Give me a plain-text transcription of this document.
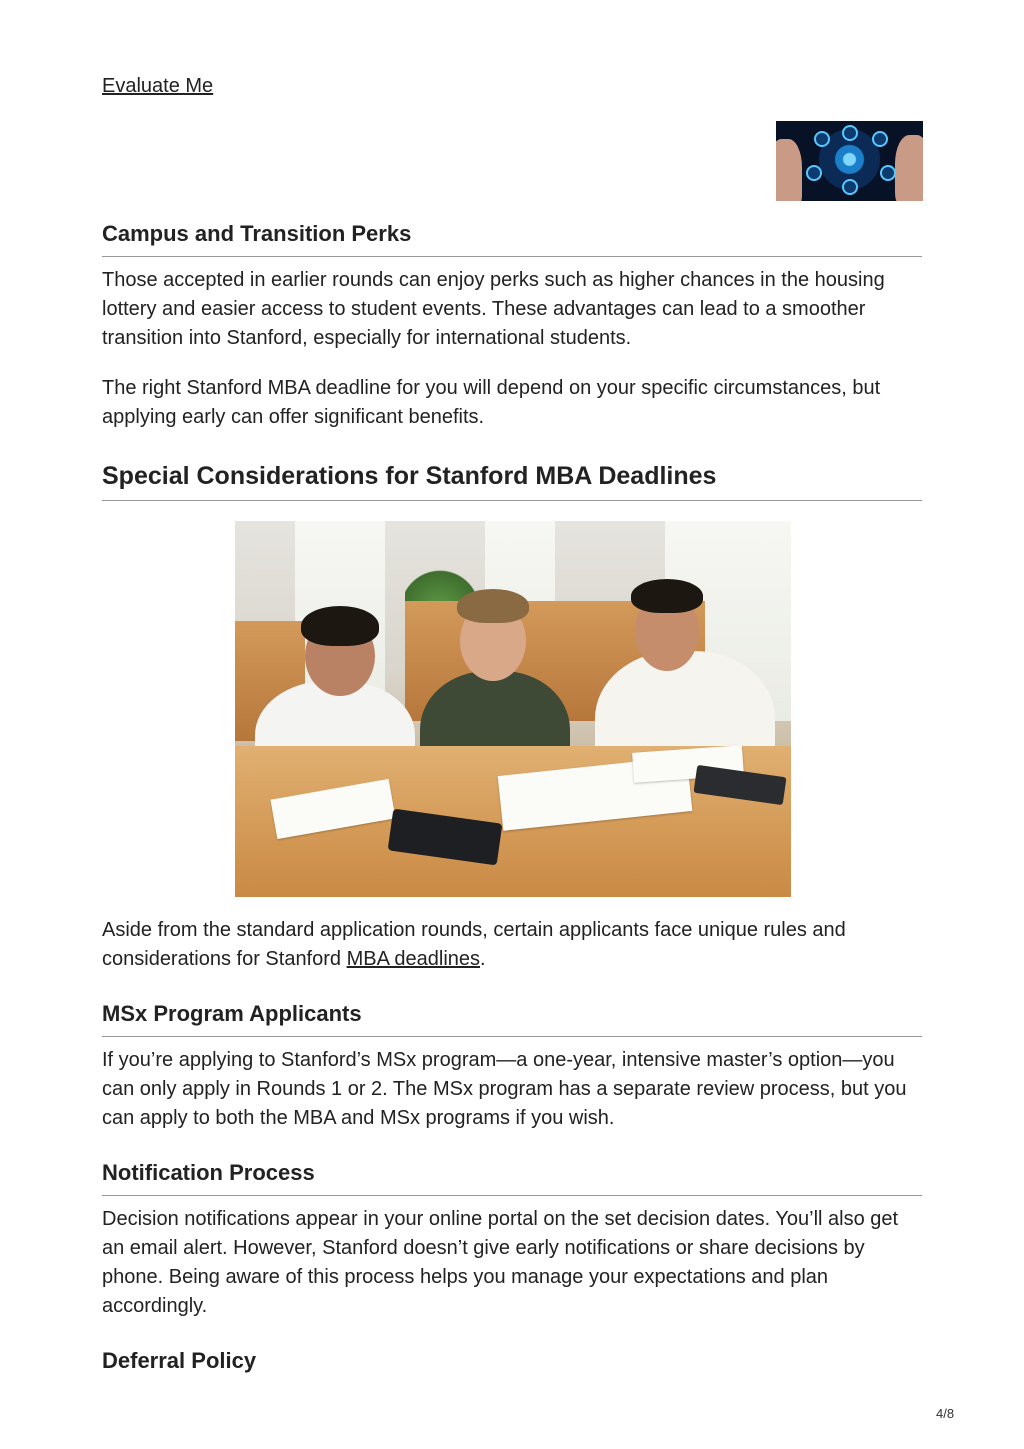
Evaluate Me
Campus and Transition Perks

Those accepted in earlier rounds can enjoy perks such as higher chances in the housing lottery and easier access to student events. These advantages can lead to a smoother transition into Stanford, especially for international students.

The right Stanford MBA deadline for you will depend on your specific circumstances, but applying early can offer significant benefits.

Special Considerations for Stanford MBA Deadlines

Aside from the standard application rounds, certain applicants face unique rules and considerations for Stanford MBA deadlines.

MSx Program Applicants

If you’re applying to Stanford’s MSx program—a one-year, intensive master’s option—you can only apply in Rounds 1 or 2. The MSx program has a separate review process, but you can apply to both the MBA and MSx programs if you wish.

Notification Process

Decision notifications appear in your online portal on the set decision dates. You’ll also get an email alert. However, Stanford doesn’t give early notifications or share decisions by phone. Being aware of this process helps you manage your expectations and plan accordingly.

Deferral Policy
4/8
